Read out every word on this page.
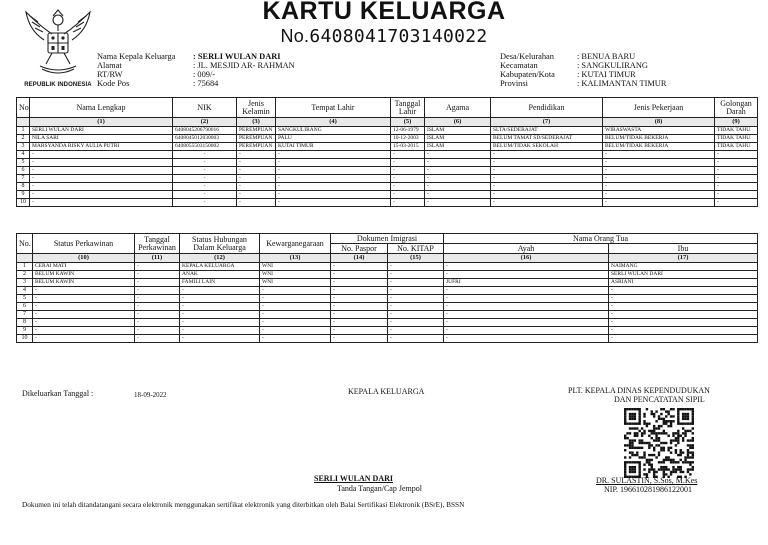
REPUBLIK INDONESIA
KARTU KELUARGA
No.6408041703140022
Nama Kepala Keluarga	: SERLI WULAN DARI
Alamat	: JL. MESJID AR- RAHMAN
RT/RW	: 009/-
Kode Pos	: 75684
Desa/Kelurahan	: BENUA BARU
Kecamatan	: SANGKULIRANG
Kabupaten/Kota	: KUTAI TIMUR
Provinsi	: KALIMANTAN TIMUR
No	Nama Lengkap	NIK	Jenis Kelamin	Tempat Lahir	Tanggal Lahir	Agama	Pendidikan	Jenis Pekerjaan	Golongan Darah
	(1)	(2)	(3)	(4)	(5)	(6)	(7)	(8)	(9)
1	SERLI WULAN DARI	6408045206790016	PEREMPUAN	SANGKULIRANG	12-06-1979	ISLAM	SLTA/SEDERAJAT	WIRASWASTA	TIDAK TAHU
2	NILA SARI	6408045012030003	PEREMPUAN	PALU	10-12-2003	ISLAM	BELUM TAMAT SD/SEDERAJAT	BELUM/TIDAK BEKERJA	TIDAK TAHU
3	MARSYANDA RISKY AULIA PUTRI	6408055503150002	PEREMPUAN	KUTAI TIMUR	15-03-2015	ISLAM	BELUM/TIDAK SEKOLAH	BELUM/TIDAK BEKERJA	TIDAK TAHU
4	-	-	-	-	-	-	-	-	-
5	-	-	-	-	-	-	-	-	-
6	-	-	-	-	-	-	-	-	-
7	-	-	-	-	-	-	-	-	-
8	-	-	-	-	-	-	-	-	-
9	-	-	-	-	-	-	-	-	-
10	-	-	-	-	-	-	-	-	-
No.	Status Perkawinan	Tanggal Perkawinan	Status Hubungan Dalam Keluarga	Kewarganegaraan	Dokumen Imigrasi		Nama Orang Tua	
					No. Paspor	No. KITAP	Ayah	Ibu
	(10)	(11)	(12)	(13)	(14)	(15)	(16)	(17)
1	CERAI MATI	-	KEPALA KELUARGA	WNI	-	-	-	NAIMANG
2	BELUM KAWIN	-	ANAK	WNI	-	-	-	SERLI WULAN DARI
3	BELUM KAWIN	-	FAMILI LAIN	WNI	-	-	JUFRI	ASRIANI
4	-	-	-	-	-	-	-	-
5	-	-	-	-	-	-	-	-
6	-	-	-	-	-	-	-	-
7	-	-	-	-	-	-	-	-
8	-	-	-	-	-	-	-	-
9	-	-	-	-	-	-	-	-
10	-	-	-	-	-	-	-	-
Dikeluarkan Tanggal :	18-09-2022	KEPALA KELUARGA
SERLI WULAN DARI
Tanda Tangan/Cap Jempol
PLT. KEPALA DINAS KEPENDUDUKAN
DAN PENCATATAN SIPIL
DR. SULASTIN, S.Sos, M.Kes
NIP. 196610281986122001
Dokumen ini telah ditandatangani secara elektronik menggunakan sertifikat elektronik yang diterbitkan oleh Balai Sertifikasi Elektronik (BSrE), BSSN
